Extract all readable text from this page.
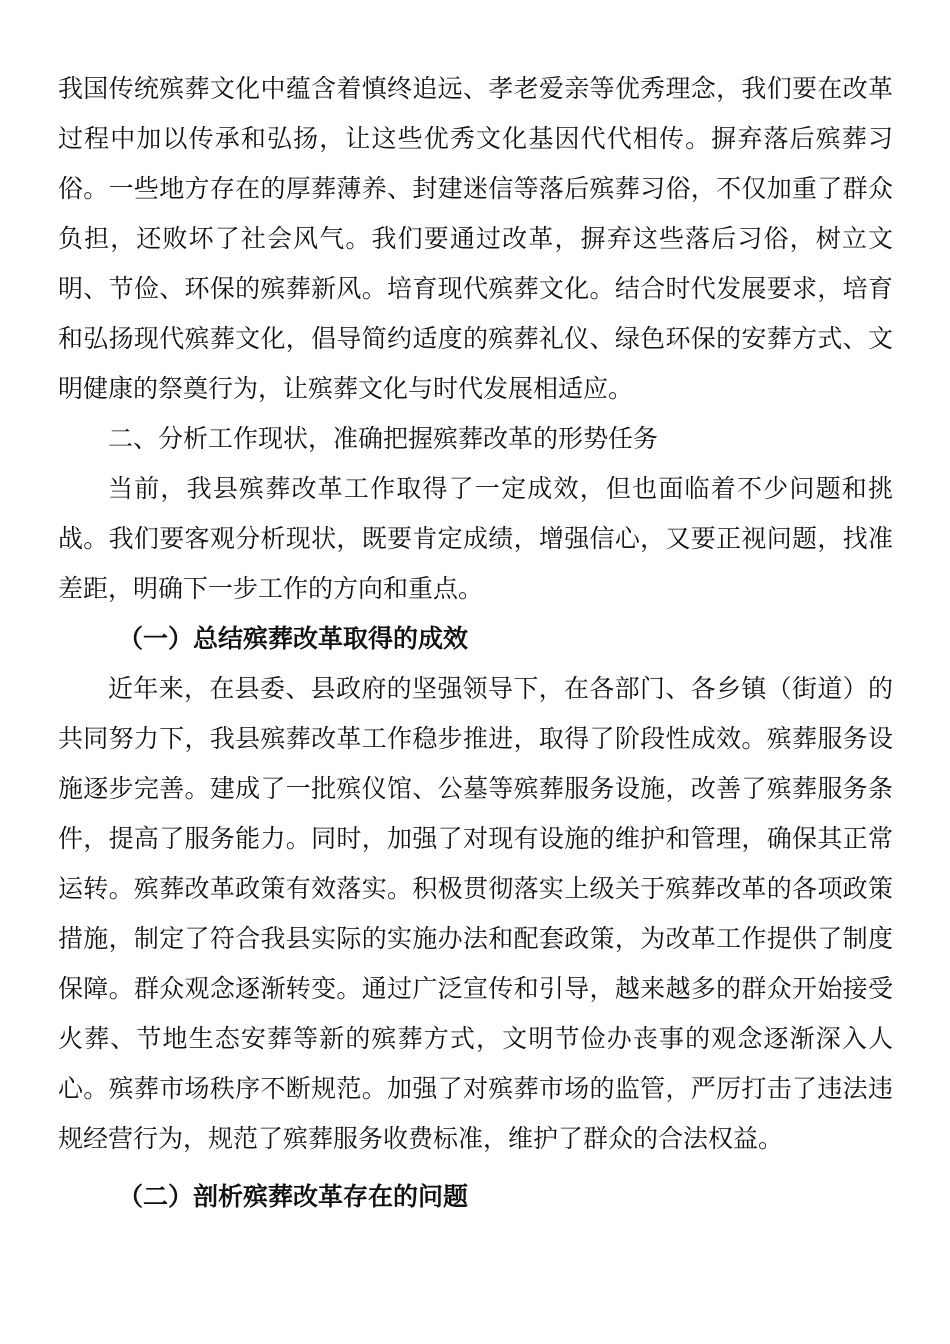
我国传统殡葬文化中蕴含着慎终追远、孝老爱亲等优秀理念，我们要在改革过程中加以传承和弘扬，让这些优秀文化基因代代相传。摒弃落后殡葬习俗。一些地方存在的厚葬薄养、封建迷信等落后殡葬习俗，不仅加重了群众负担，还败坏了社会风气。我们要通过改革，摒弃这些落后习俗，树立文明、节俭、环保的殡葬新风。培育现代殡葬文化。结合时代发展要求，培育和弘扬现代殡葬文化，倡导简约适度的殡葬礼仪、绿色环保的安葬方式、文明健康的祭奠行为，让殡葬文化与时代发展相适应。

二、分析工作现状，准确把握殡葬改革的形势任务

当前，我县殡葬改革工作取得了一定成效，但也面临着不少问题和挑战。我们要客观分析现状，既要肯定成绩，增强信心，又要正视问题，找准差距，明确下一步工作的方向和重点。

（一）总结殡葬改革取得的成效

近年来，在县委、县政府的坚强领导下，在各部门、各乡镇（街道）的共同努力下，我县殡葬改革工作稳步推进，取得了阶段性成效。殡葬服务设施逐步完善。建成了一批殡仪馆、公墓等殡葬服务设施，改善了殡葬服务条件，提高了服务能力。同时，加强了对现有设施的维护和管理，确保其正常运转。殡葬改革政策有效落实。积极贯彻落实上级关于殡葬改革的各项政策措施，制定了符合我县实际的实施办法和配套政策，为改革工作提供了制度保障。群众观念逐渐转变。通过广泛宣传和引导，越来越多的群众开始接受火葬、节地生态安葬等新的殡葬方式，文明节俭办丧事的观念逐渐深入人心。殡葬市场秩序不断规范。加强了对殡葬市场的监管，严厉打击了违法违规经营行为，规范了殡葬服务收费标准，维护了群众的合法权益。

（二）剖析殡葬改革存在的问题
